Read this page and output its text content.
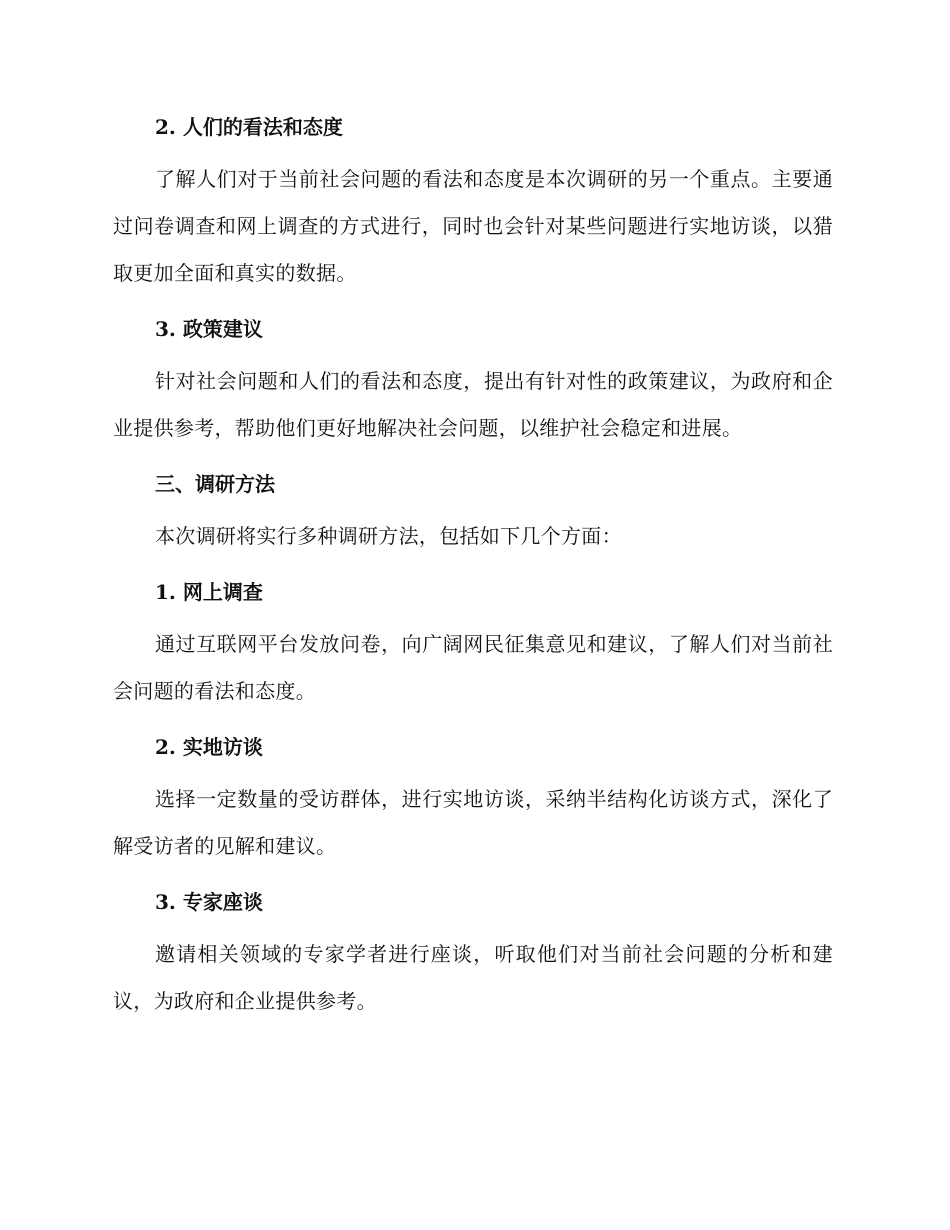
2. 人们的看法和态度

了解人们对于当前社会问题的看法和态度是本次调研的另一个重点。主要通过问卷调查和网上调查的方式进行，同时也会针对某些问题进行实地访谈，以猎取更加全面和真实的数据。

3. 政策建议

针对社会问题和人们的看法和态度，提出有针对性的政策建议，为政府和企业提供参考，帮助他们更好地解决社会问题，以维护社会稳定和进展。

三、调研方法

本次调研将实行多种调研方法，包括如下几个方面：

1. 网上调查

通过互联网平台发放问卷，向广阔网民征集意见和建议，了解人们对当前社会问题的看法和态度。

2. 实地访谈

选择一定数量的受访群体，进行实地访谈，采纳半结构化访谈方式，深化了解受访者的见解和建议。

3. 专家座谈

邀请相关领域的专家学者进行座谈，听取他们对当前社会问题的分析和建议，为政府和企业提供参考。
